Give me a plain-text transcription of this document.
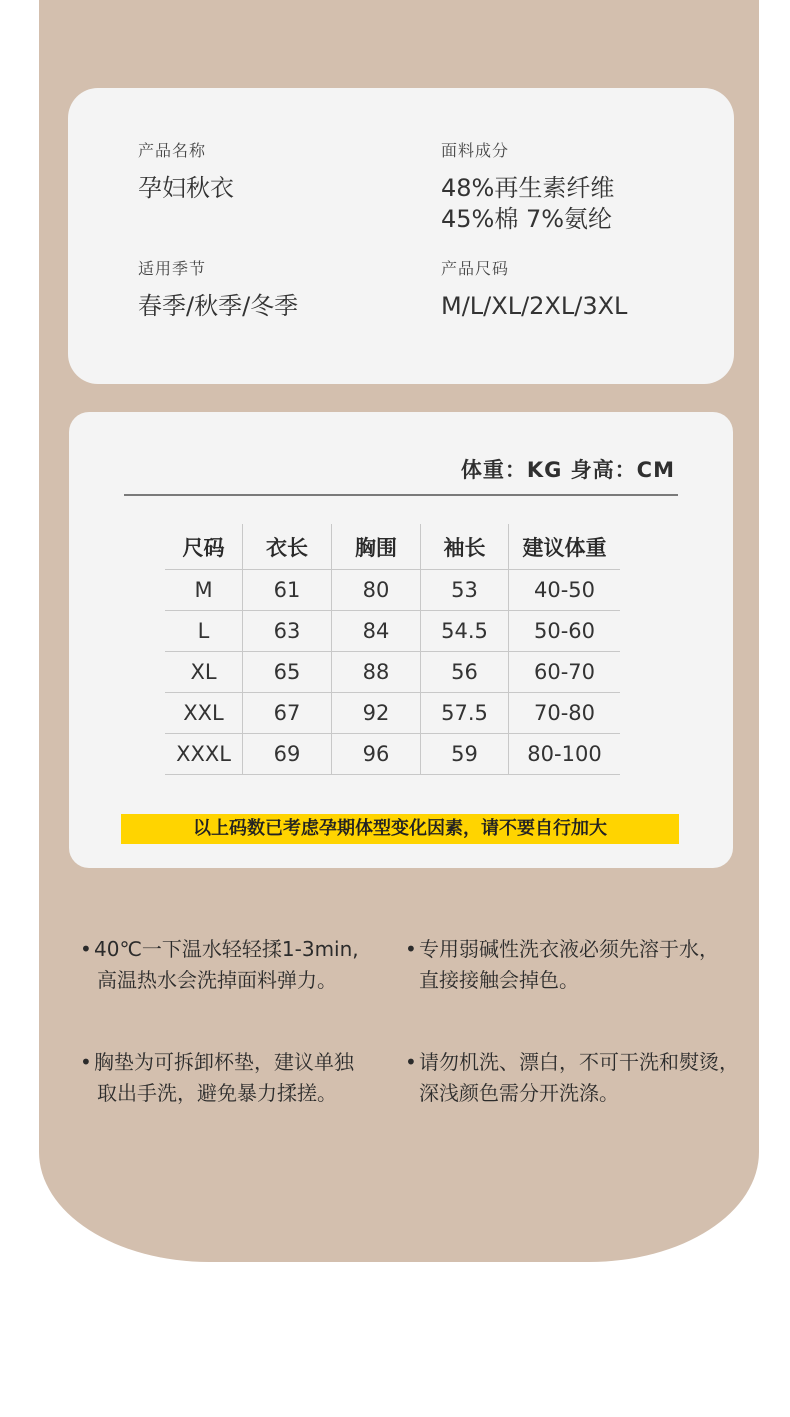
产品名称
孕妇秋衣
面料成分
48%再生素纤维
45%棉 7%氨纶
适用季节
春季/秋季/冬季
产品尺码
M/L/XL/2XL/3XL
体重：KG 身高：CM
尺码	衣长	胸围	袖长	建议体重
M	61	80	53	40-50
L	63	84	54.5	50-60
XL	65	88	56	60-70
XXL	67	92	57.5	70-80
XXXL	69	96	59	80-100
以上码数已考虑孕期体型变化因素，请不要自行加大
• 40℃一下温水轻轻揉1-3min,
高温热水会洗掉面料弹力。
• 专用弱碱性洗衣液必须先溶于水，
直接接触会掉色。
• 胸垫为可拆卸杯垫，建议单独
取出手洗，避免暴力揉搓。
• 请勿机洗、漂白，不可干洗和熨烫，
深浅颜色需分开洗涤。
